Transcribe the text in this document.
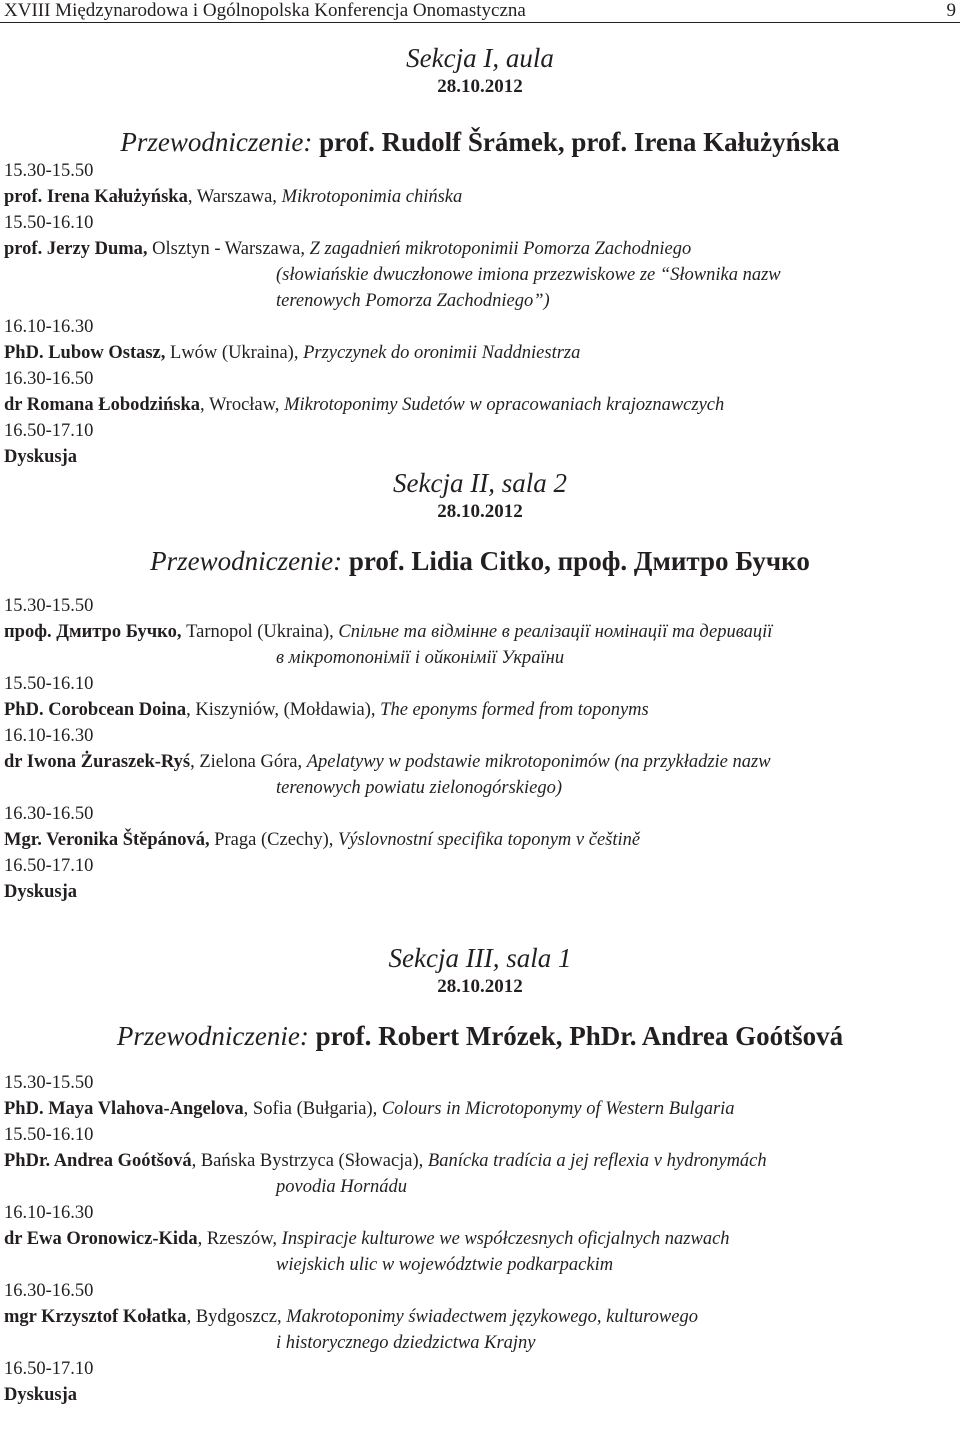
XVIII Międzynarodowa i Ogólnopolska Konferencja Onomastyczna	9
Sekcja I, aula
28.10.2012
Przewodniczenie: prof. Rudolf Šrámek, prof. Irena Kałużyńska
15.30-15.50
prof. Irena Kałużyńska, Warszawa, Mikrotoponimia chińska
15.50-16.10
prof. Jerzy Duma, Olsztyn - Warszawa, Z zagadnień mikrotoponimii Pomorza Zachodniego
(słowiańskie dwuczłonowe imiona przezwiskowe ze “Słownika nazw
terenowych Pomorza Zachodniego”)
16.10-16.30
PhD. Lubow Ostasz, Lwów (Ukraina), Przyczynek do oronimii Naddniestrza
16.30-16.50
dr Romana Łobodzińska, Wrocław, Mikrotoponimy Sudetów w opracowaniach krajoznawczych
16.50-17.10
Dyskusja
Sekcja II, sala 2
28.10.2012
Przewodniczenie: prof. Lidia Citko, проф. Дмитро Бучко
15.30-15.50
проф. Дмитро Бучко, Tarnopol (Ukraina), Спільне та відмінне в реалізації номінації та деривації
в мікротопонімії і ойконімії України
15.50-16.10
PhD. Corobcean Doina, Kiszyniów, (Mołdawia), The eponyms formed from toponyms
16.10-16.30
dr Iwona Żuraszek-Ryś, Zielona Góra, Apelatywy w podstawie mikrotoponimów (na przykładzie nazw
terenowych powiatu zielonogórskiego)
16.30-16.50
Mgr. Veronika Štěpánová, Praga (Czechy), Výslovnostní specifika toponym v češtině
16.50-17.10
Dyskusja
Sekcja III, sala 1
28.10.2012
Przewodniczenie: prof. Robert Mrózek, PhDr. Andrea Goótšová
15.30-15.50
PhD. Maya Vlahova-Angelova, Sofia (Bułgaria), Colours in Microtoponymy of Western Bulgaria
15.50-16.10
PhDr. Andrea Goótšová, Bańska Bystrzyca (Słowacja), Banícka tradícia a jej reflexia v hydronymách
povodia Hornádu
16.10-16.30
dr Ewa Oronowicz-Kida, Rzeszów, Inspiracje kulturowe we współczesnych oficjalnych nazwach
wiejskich ulic w województwie podkarpackim
16.30-16.50
mgr Krzysztof Kołatka, Bydgoszcz, Makrotoponimy świadectwem językowego, kulturowego
i historycznego dziedzictwa Krajny
16.50-17.10
Dyskusja
